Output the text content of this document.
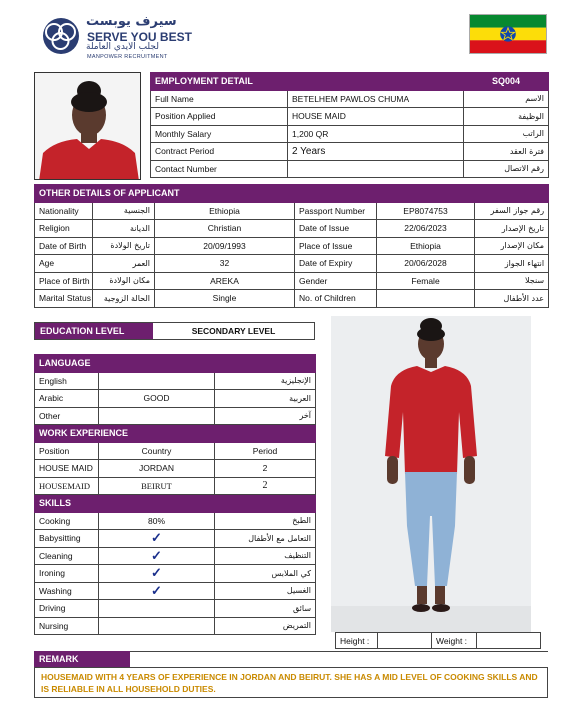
سيرف يوبست
SERVE YOU BEST
لجلب الايدي العاملة
MANPOWER RECRUITMENT
EMPLOYMENT DETAIL		SQ004
Full Name	BETELHEM PAWLOS CHUMA	الاسم
Position Applied	HOUSE MAID	الوظيفة
Monthly Salary	1,200 QR	الراتب
Contract Period	2 Years	فترة العقد
Contact Number		رقم الاتصال
OTHER DETAILS OF APPLICANT					
Nationality	الجنسية	Ethiopia	Passport Number	EP8074753	رقم جواز السفر
Religion	الديانة	Christian	Date of Issue	22/06/2023	تاريخ الإصدار
Date of Birth	تاريخ الولادة	20/09/1993	Place of Issue	Ethiopia	مكان الإصدار
Age	العمر	32	Date of Expiry	20/06/2028	انتهاء الجواز
Place of Birth	مكان الولادة	AREKA	Gender	Female	سنجلا
Marital Status	الحالة الزوجية	Single	No. of Children		عدد الأطفال
EDUCATION LEVEL	SECONDARY LEVEL
LANGUAGE		
English		الإنجليزية
Arabic	GOOD	العربية
Other		آخر
WORK EXPERIENCE		
Position	Country	Period
HOUSE MAID	JORDAN	2
HOUSEMAID	BEIRUT	2
SKILLS		
Cooking	80%	الطبخ
Babysitting	✓	التعامل مع الأطفال
Cleaning	✓	التنظيف
Ironing	✓	كي الملابس
Washing	✓	الغسيل
Driving		سائق
Nursing		التمريض
Height :		Weight :	
REMARK
HOUSEMAID WITH 4 YEARS OF EXPERIENCE IN JORDAN AND BEIRUT. SHE HAS A MID LEVEL OF COOKING SKILLS AND IS RELIABLE IN ALL HOUSEHOLD DUTIES.
